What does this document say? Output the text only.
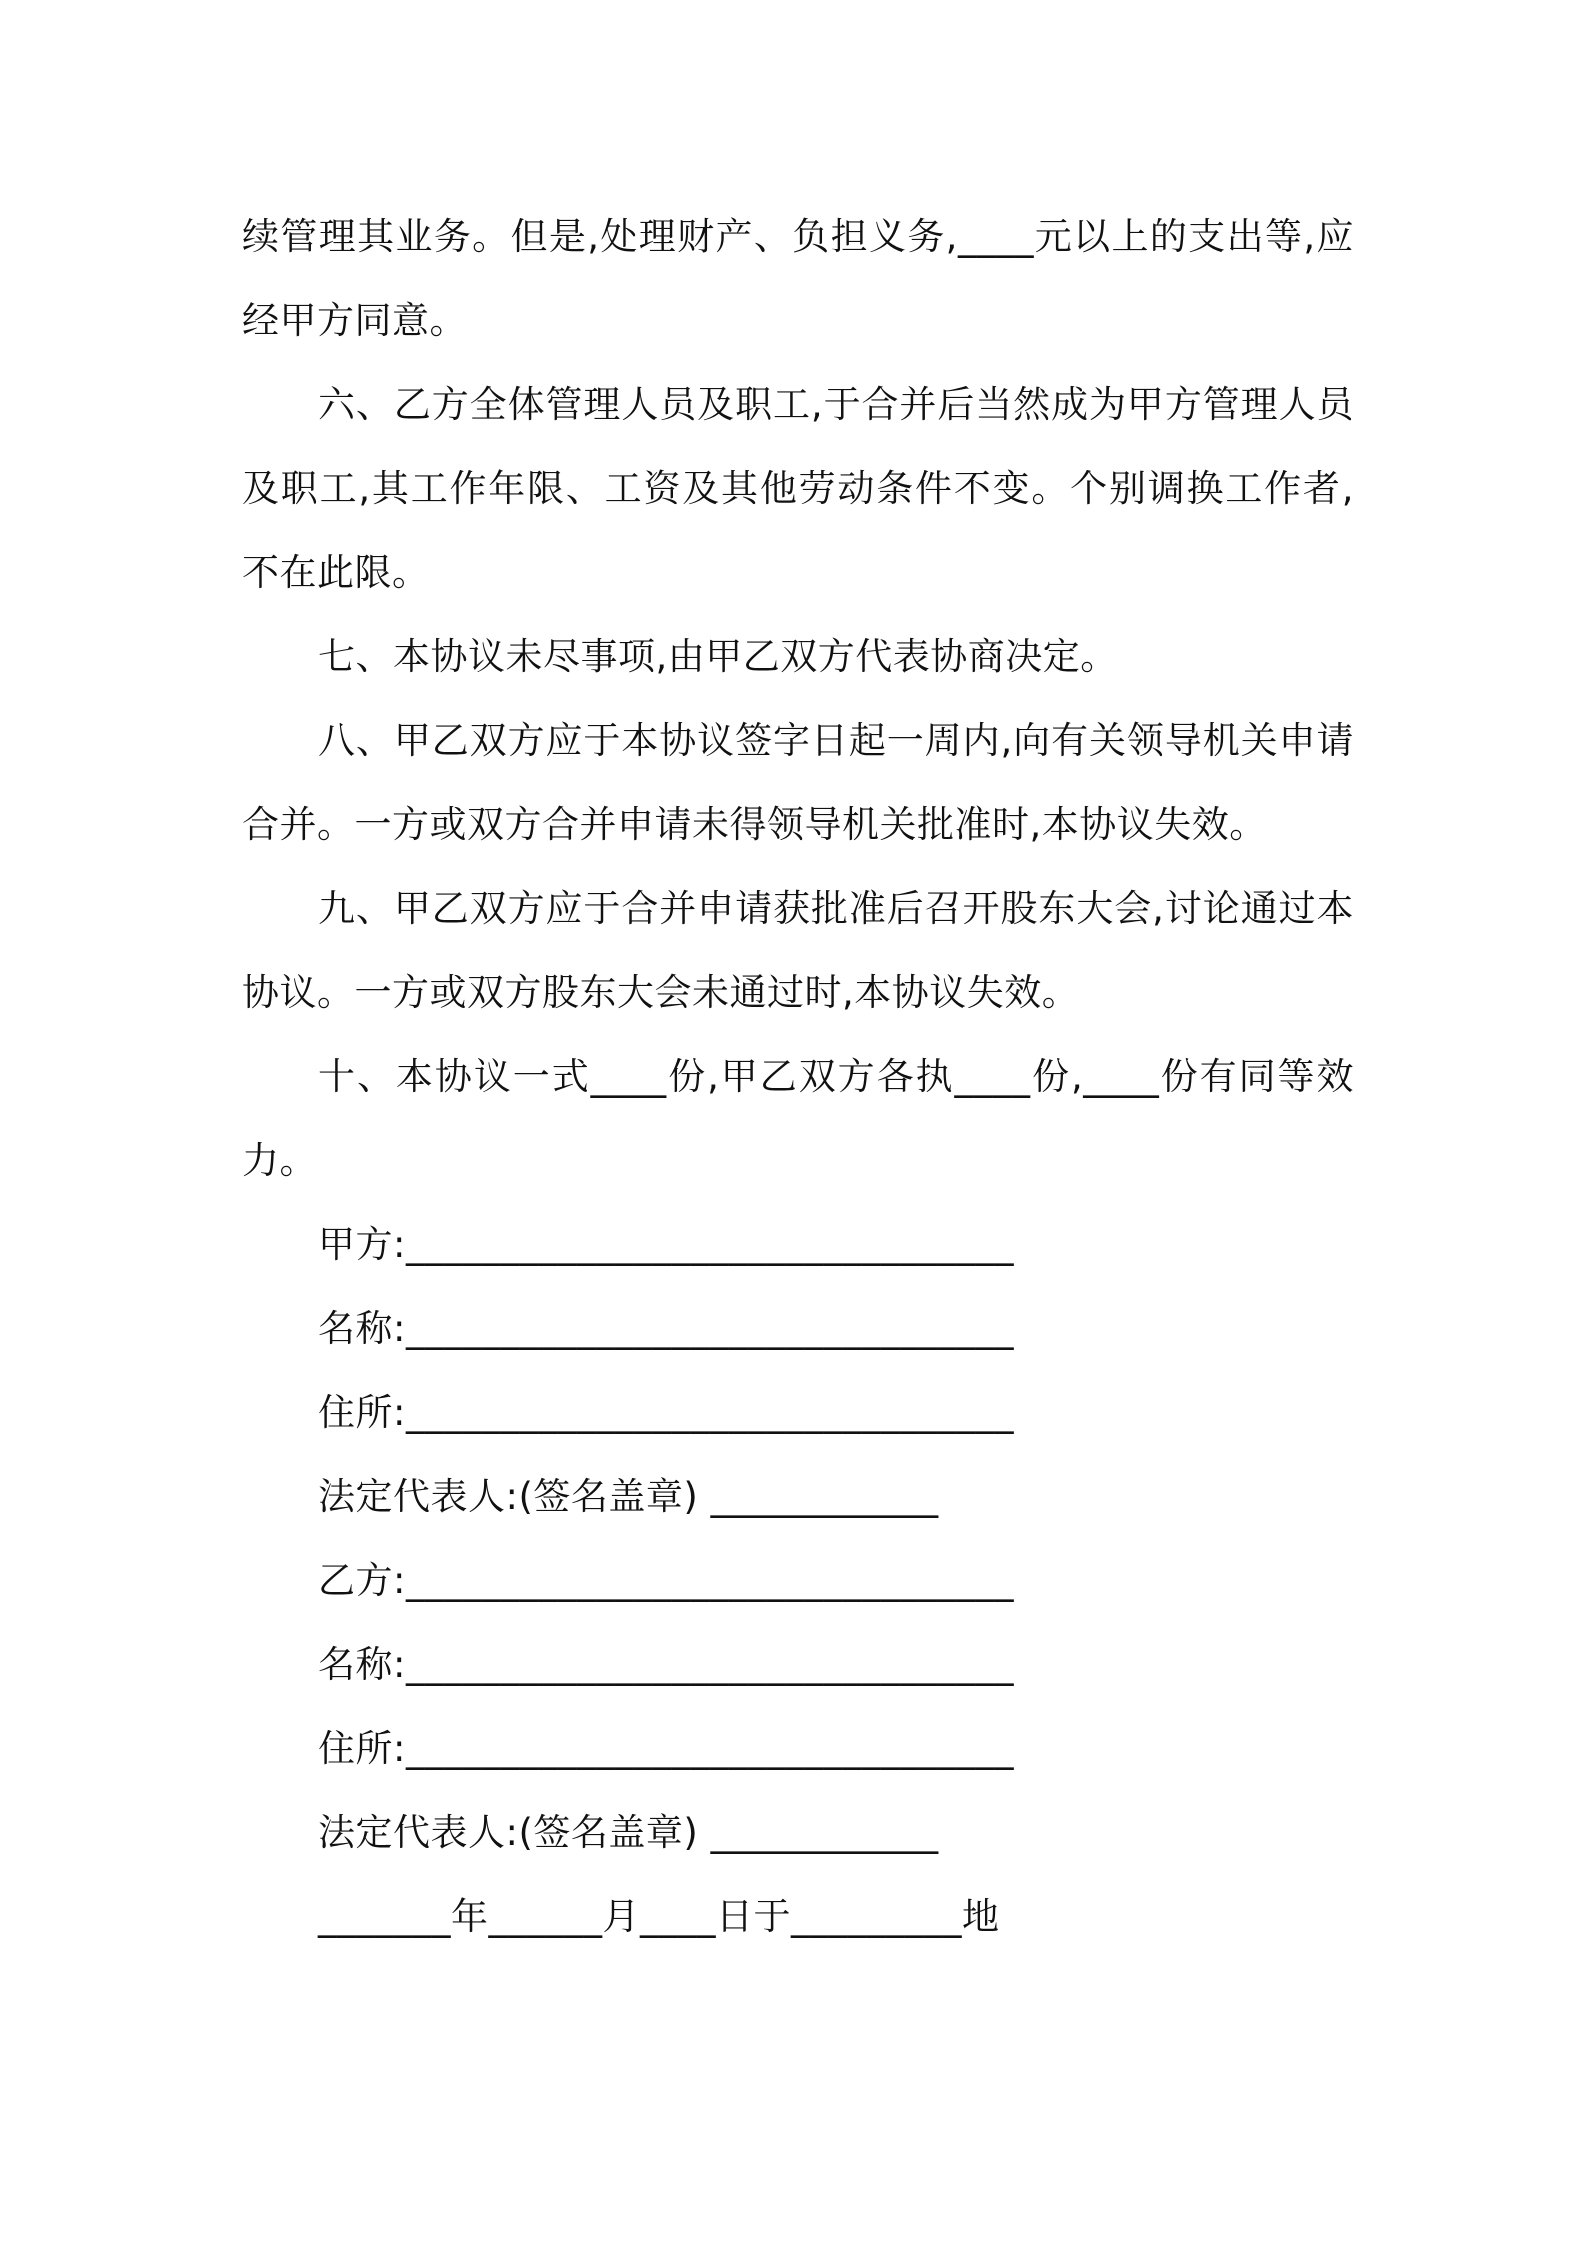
续管理其业务。但是,处理财产、负担义务,____元以上的支出等,应经甲方同意。

六、乙方全体管理人员及职工,于合并后当然成为甲方管理人员及职工,其工作年限、工资及其他劳动条件不变。个别调换工作者,不在此限。

七、本协议未尽事项,由甲乙双方代表协商决定。

八、甲乙双方应于本协议签字日起一周内,向有关领导机关申请合并。一方或双方合并申请未得领导机关批准时,本协议失效。

九、甲乙双方应于合并申请获批准后召开股东大会,讨论通过本协议。一方或双方股东大会未通过时,本协议失效。

十、本协议一式____份,甲乙双方各执____份,____份有同等效力。

甲方:________________________________

名称:________________________________

住所:________________________________

法定代表人:(签名盖章) ____________

乙方:________________________________

名称:________________________________

住所:________________________________

法定代表人:(签名盖章) ____________

_______年______月____日于_________地
